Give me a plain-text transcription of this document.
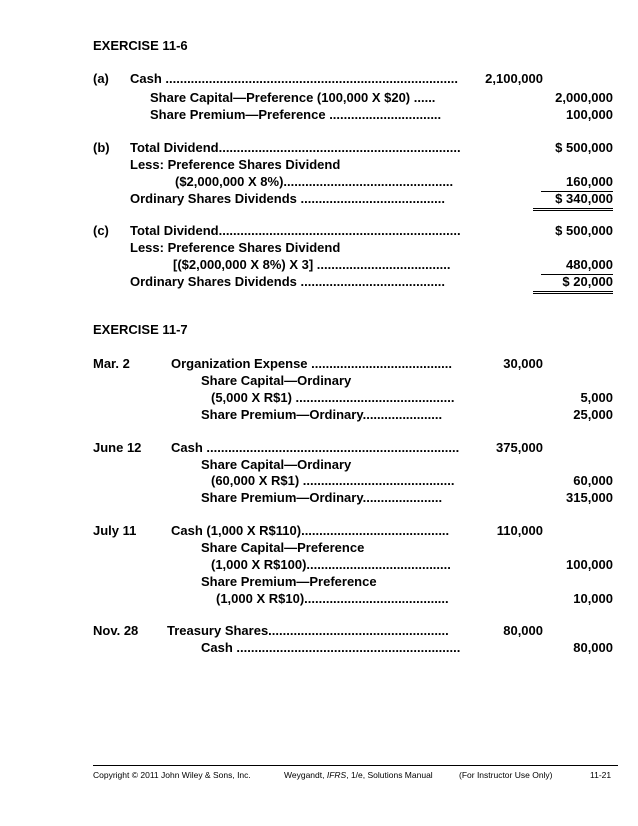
EXERCISE 11-6
(a) Cash .................................................................................	2,100,000
Share Capital—Preference (100,000 X $20) ......	2,000,000
Share Premium—Preference ...............................	100,000
(b) Total Dividend...................................................................	$ 500,000
Less: Preference Shares Dividend
($2,000,000 X 8%)...............................................	160,000
Ordinary Shares Dividends ........................................	$ 340,000
(c) Total Dividend...................................................................	$ 500,000
Less: Preference Shares Dividend
[($2,000,000 X 8%) X 3] .....................................	480,000
Ordinary Shares Dividends ........................................	$ 20,000
EXERCISE 11-7
Mar. 2	Organization Expense .......................................	30,000
Share Capital—Ordinary
(5,000 X R$1) ............................................	5,000
Share Premium—Ordinary......................	25,000
June 12 Cash ......................................................................	375,000
Share Capital—Ordinary
(60,000 X R$1) ..........................................	60,000
Share Premium—Ordinary......................	315,000
July 11	Cash (1,000 X R$110).........................................	110,000
Share Capital—Preference
(1,000 X R$100)........................................	100,000
Share Premium—Preference
(1,000 X R$10)........................................	10,000
Nov. 28 Treasury Shares..................................................	80,000
Cash ..............................................................	80,000
Copyright © 2011 John Wiley & Sons, Inc.	Weygandt, IFRS, 1/e, Solutions Manual	(For Instructor Use Only)	11-21
